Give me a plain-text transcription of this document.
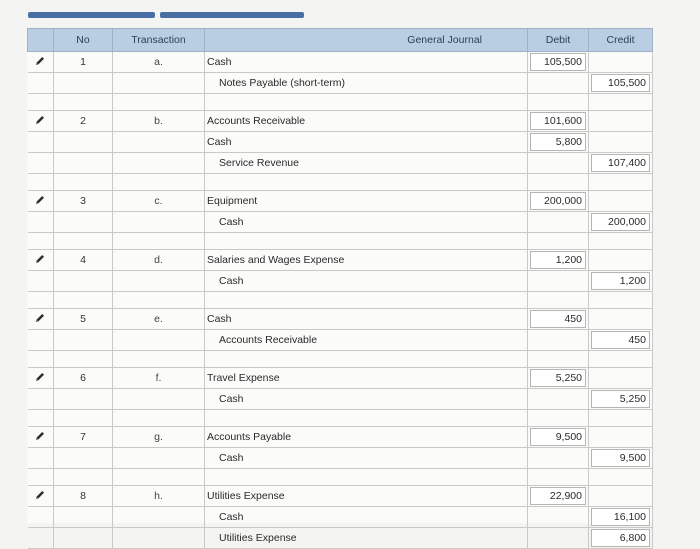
	No	Transaction	General Journal	Debit	Credit
	1	a.	Cash	105,500	

			Notes Payable (short-term)		105,500

	2	b.	Accounts Receivable	101,600	

			Cash	5,800	

			Service Revenue		107,400

	3	c.	Equipment	200,000	

			Cash		200,000

	4	d.	Salaries and Wages Expense	1,200	

			Cash		1,200

	5	e.	Cash	450	

			Accounts Receivable		450

	6	f.	Travel Expense	5,250	

			Cash		5,250

	7	g.	Accounts Payable	9,500	

			Cash		9,500

	8	h.	Utilities Expense	22,900	

			Cash		16,100

			Utilities Expense		6,800
